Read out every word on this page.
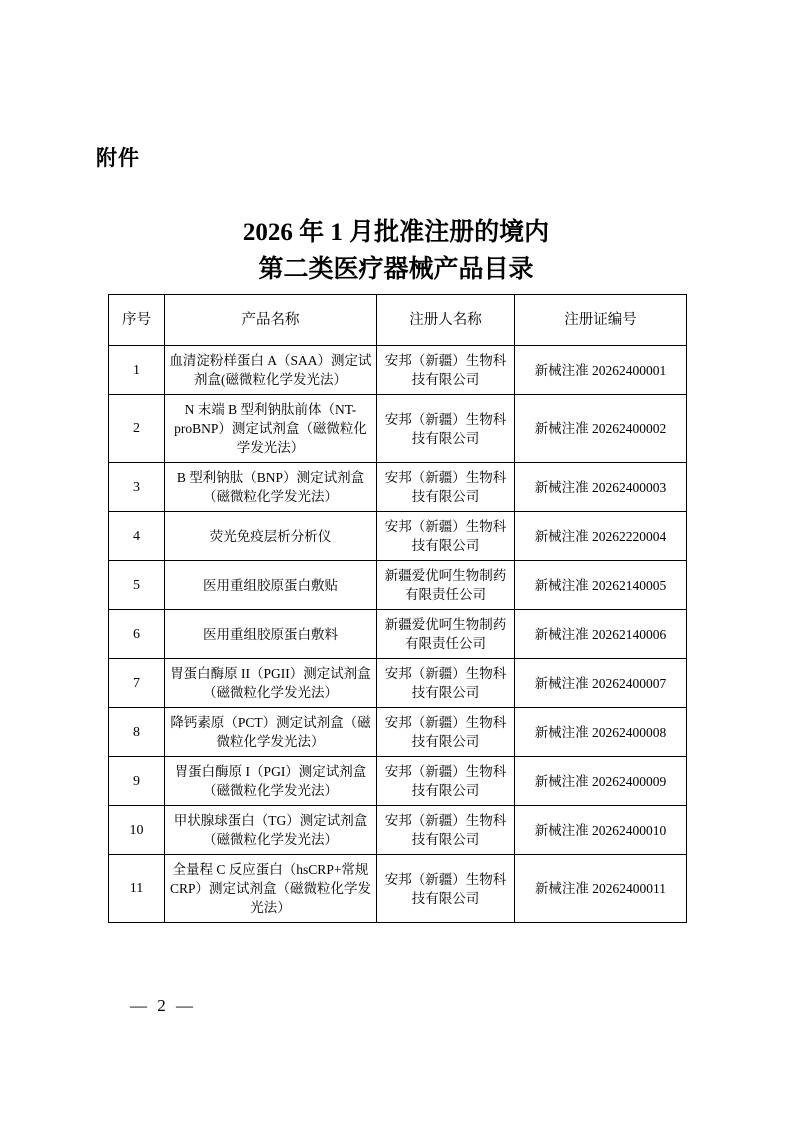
附件
2026 年 1 月批准注册的境内
第二类医疗器械产品目录
序号	产品名称	注册人名称	注册证编号
1	血清淀粉样蛋白 A（SAA）测定试剂盒(磁微粒化学发光法）	安邦（新疆）生物科技有限公司	新械注准 20262400001
2	N 末端 B 型利钠肽前体（NT-proBNP）测定试剂盒（磁微粒化学发光法）	安邦（新疆）生物科技有限公司	新械注准 20262400002
3	B 型利钠肽（BNP）测定试剂盒（磁微粒化学发光法）	安邦（新疆）生物科技有限公司	新械注准 20262400003
4	荧光免疫层析分析仪	安邦（新疆）生物科技有限公司	新械注准 20262220004
5	医用重组胶原蛋白敷贴	新疆爱优呵生物制药有限责任公司	新械注准 20262140005
6	医用重组胶原蛋白敷料	新疆爱优呵生物制药有限责任公司	新械注准 20262140006
7	胃蛋白酶原 II（PGII）测定试剂盒（磁微粒化学发光法）	安邦（新疆）生物科技有限公司	新械注准 20262400007
8	降钙素原（PCT）测定试剂盒（磁微粒化学发光法）	安邦（新疆）生物科技有限公司	新械注准 20262400008
9	胃蛋白酶原 I（PGI）测定试剂盒（磁微粒化学发光法）	安邦（新疆）生物科技有限公司	新械注准 20262400009
10	甲状腺球蛋白（TG）测定试剂盒（磁微粒化学发光法）	安邦（新疆）生物科技有限公司	新械注准 20262400010
11	全量程 C 反应蛋白（hsCRP+常规 CRP）测定试剂盒（磁微粒化学发光法）	安邦（新疆）生物科技有限公司	新械注准 20262400011
— 2 —
